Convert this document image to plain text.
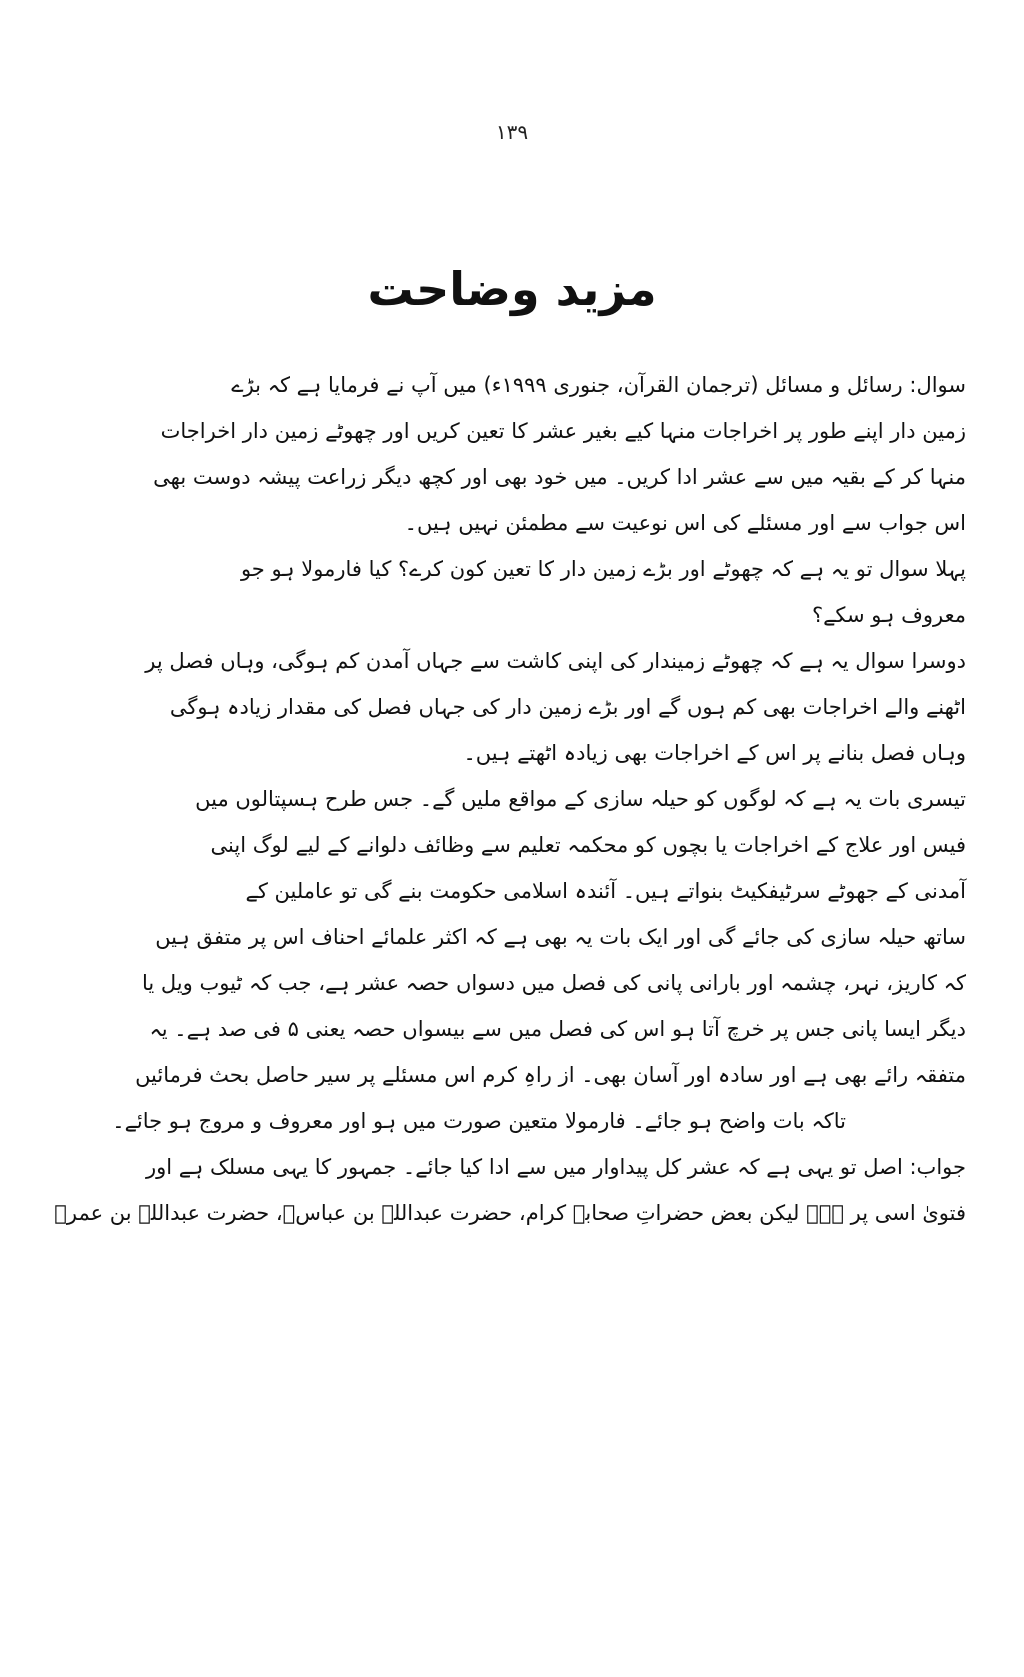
۱۳۹
مزید وضاحت
سوال: رسائل و مسائل (ترجمان القرآن، جنوری ۱۹۹۹ء) میں آپ نے فرمایا ہے کہ بڑے
زمین دار اپنے طور پر اخراجات منہا کیے بغیر عشر کا تعین کریں اور چھوٹے زمین دار اخراجات
منہا کر کے بقیہ میں سے عشر ادا کریں۔ میں خود بھی اور کچھ دیگر زراعت پیشہ دوست بھی
اس جواب سے اور مسئلے کی اس نوعیت سے مطمئن نہیں ہیں۔
پہلا سوال تو یہ ہے کہ چھوٹے اور بڑے زمین دار کا تعین کون کرے؟ کیا فارمولا ہو جو
معروف ہو سکے؟
دوسرا سوال یہ ہے کہ چھوٹے زمیندار کی اپنی کاشت سے جہاں آمدن کم ہوگی، وہاں فصل پر
اٹھنے والے اخراجات بھی کم ہوں گے اور بڑے زمین دار کی جہاں فصل کی مقدار زیادہ ہوگی
وہاں فصل بنانے پر اس کے اخراجات بھی زیادہ اٹھتے ہیں۔
تیسری بات یہ ہے کہ لوگوں کو حیلہ سازی کے مواقع ملیں گے۔ جس طرح ہسپتالوں میں
فیس اور علاج کے اخراجات یا بچوں کو محکمہ تعلیم سے وظائف دلوانے کے لیے لوگ اپنی
آمدنی کے جھوٹے سرٹیفکیٹ بنواتے ہیں۔ آئندہ اسلامی حکومت بنے گی تو عاملین کے
ساتھ حیلہ سازی کی جائے گی اور ایک بات یہ بھی ہے کہ اکثر علمائے احناف اس پر متفق ہیں
کہ کاریز، نہر، چشمہ اور بارانی پانی کی فصل میں دسواں حصہ عشر ہے، جب کہ ٹیوب ویل یا
دیگر ایسا پانی جس پر خرچ آتا ہو اس کی فصل میں سے بیسواں حصہ یعنی ۵ فی صد ہے۔ یہ
متفقہ رائے بھی ہے اور سادہ اور آسان بھی۔ از راہِ کرم اس مسئلے پر سیر حاصل بحث فرمائیں
تاکہ بات واضح ہو جائے۔ فارمولا متعین صورت میں ہو اور معروف و مروج ہو جائے۔
جواب: اصل تو یہی ہے کہ عشر کل پیداوار میں سے ادا کیا جائے۔ جمہور کا یہی مسلک ہے اور
فتویٰ اسی پر ہے۔ لیکن بعض حضراتِ صحابہ کرام، حضرت عبداللہ بن عباسؓ، حضرت عبداللہ بن عمرؓ
